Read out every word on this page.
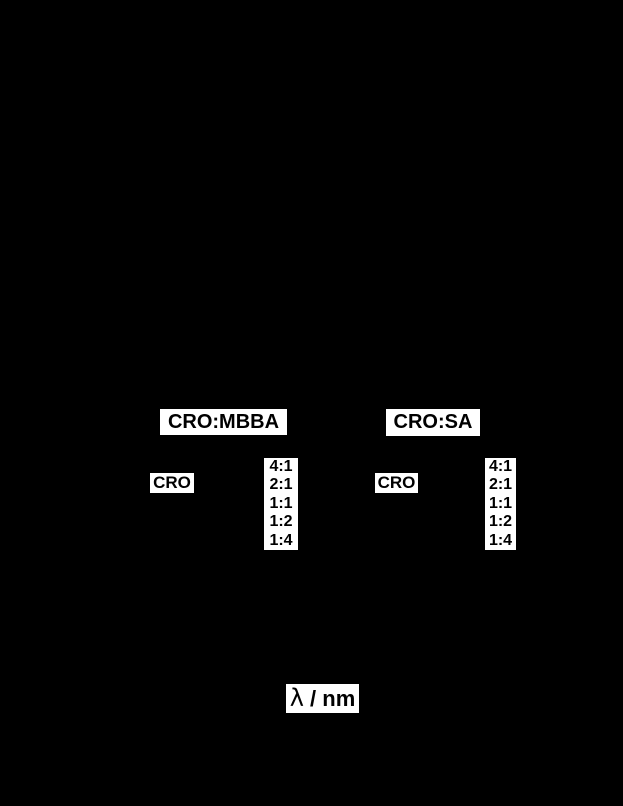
CRO:MBBA	CRO:SA
CRO
4:1
2:1
1:1
1:2
1:4
CRO
4:1
2:1
1:1
1:2
1:4
λ / nm
